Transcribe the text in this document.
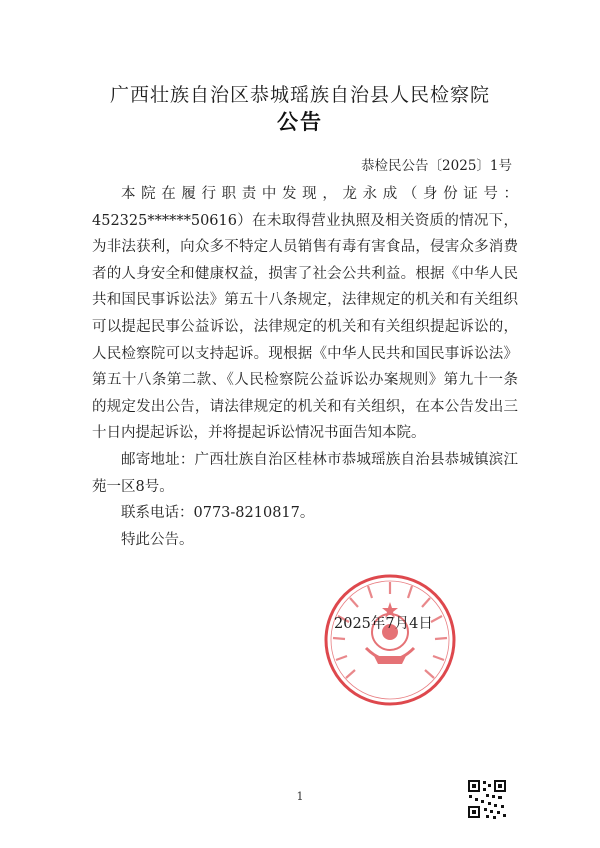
广西壮族自治区恭城瑶族自治县人民检察院
公告
恭检民公告〔2025〕1号

本院在履行职责中发现，龙永成（身份证号：452325******50616）在未取得营业执照及相关资质的情况下，为非法获利，向众多不特定人员销售有毒有害食品，侵害众多消费者的人身安全和健康权益，损害了社会公共利益。根据《中华人民共和国民事诉讼法》第五十八条规定，法律规定的机关和有关组织可以提起民事公益诉讼，法律规定的机关和有关组织提起诉讼的，人民检察院可以支持起诉。现根据《中华人民共和国民事诉讼法》第五十八条第二款、《人民检察院公益诉讼办案规则》第九十一条的规定发出公告，请法律规定的机关和有关组织，在本公告发出三十日内提起诉讼，并将提起诉讼情况书面告知本院。

邮寄地址：广西壮族自治区桂林市恭城瑶族自治县恭城镇滨江苑一区8号。

联系电话：0773-8210817。

特此公告。

2025年7月4日
1
